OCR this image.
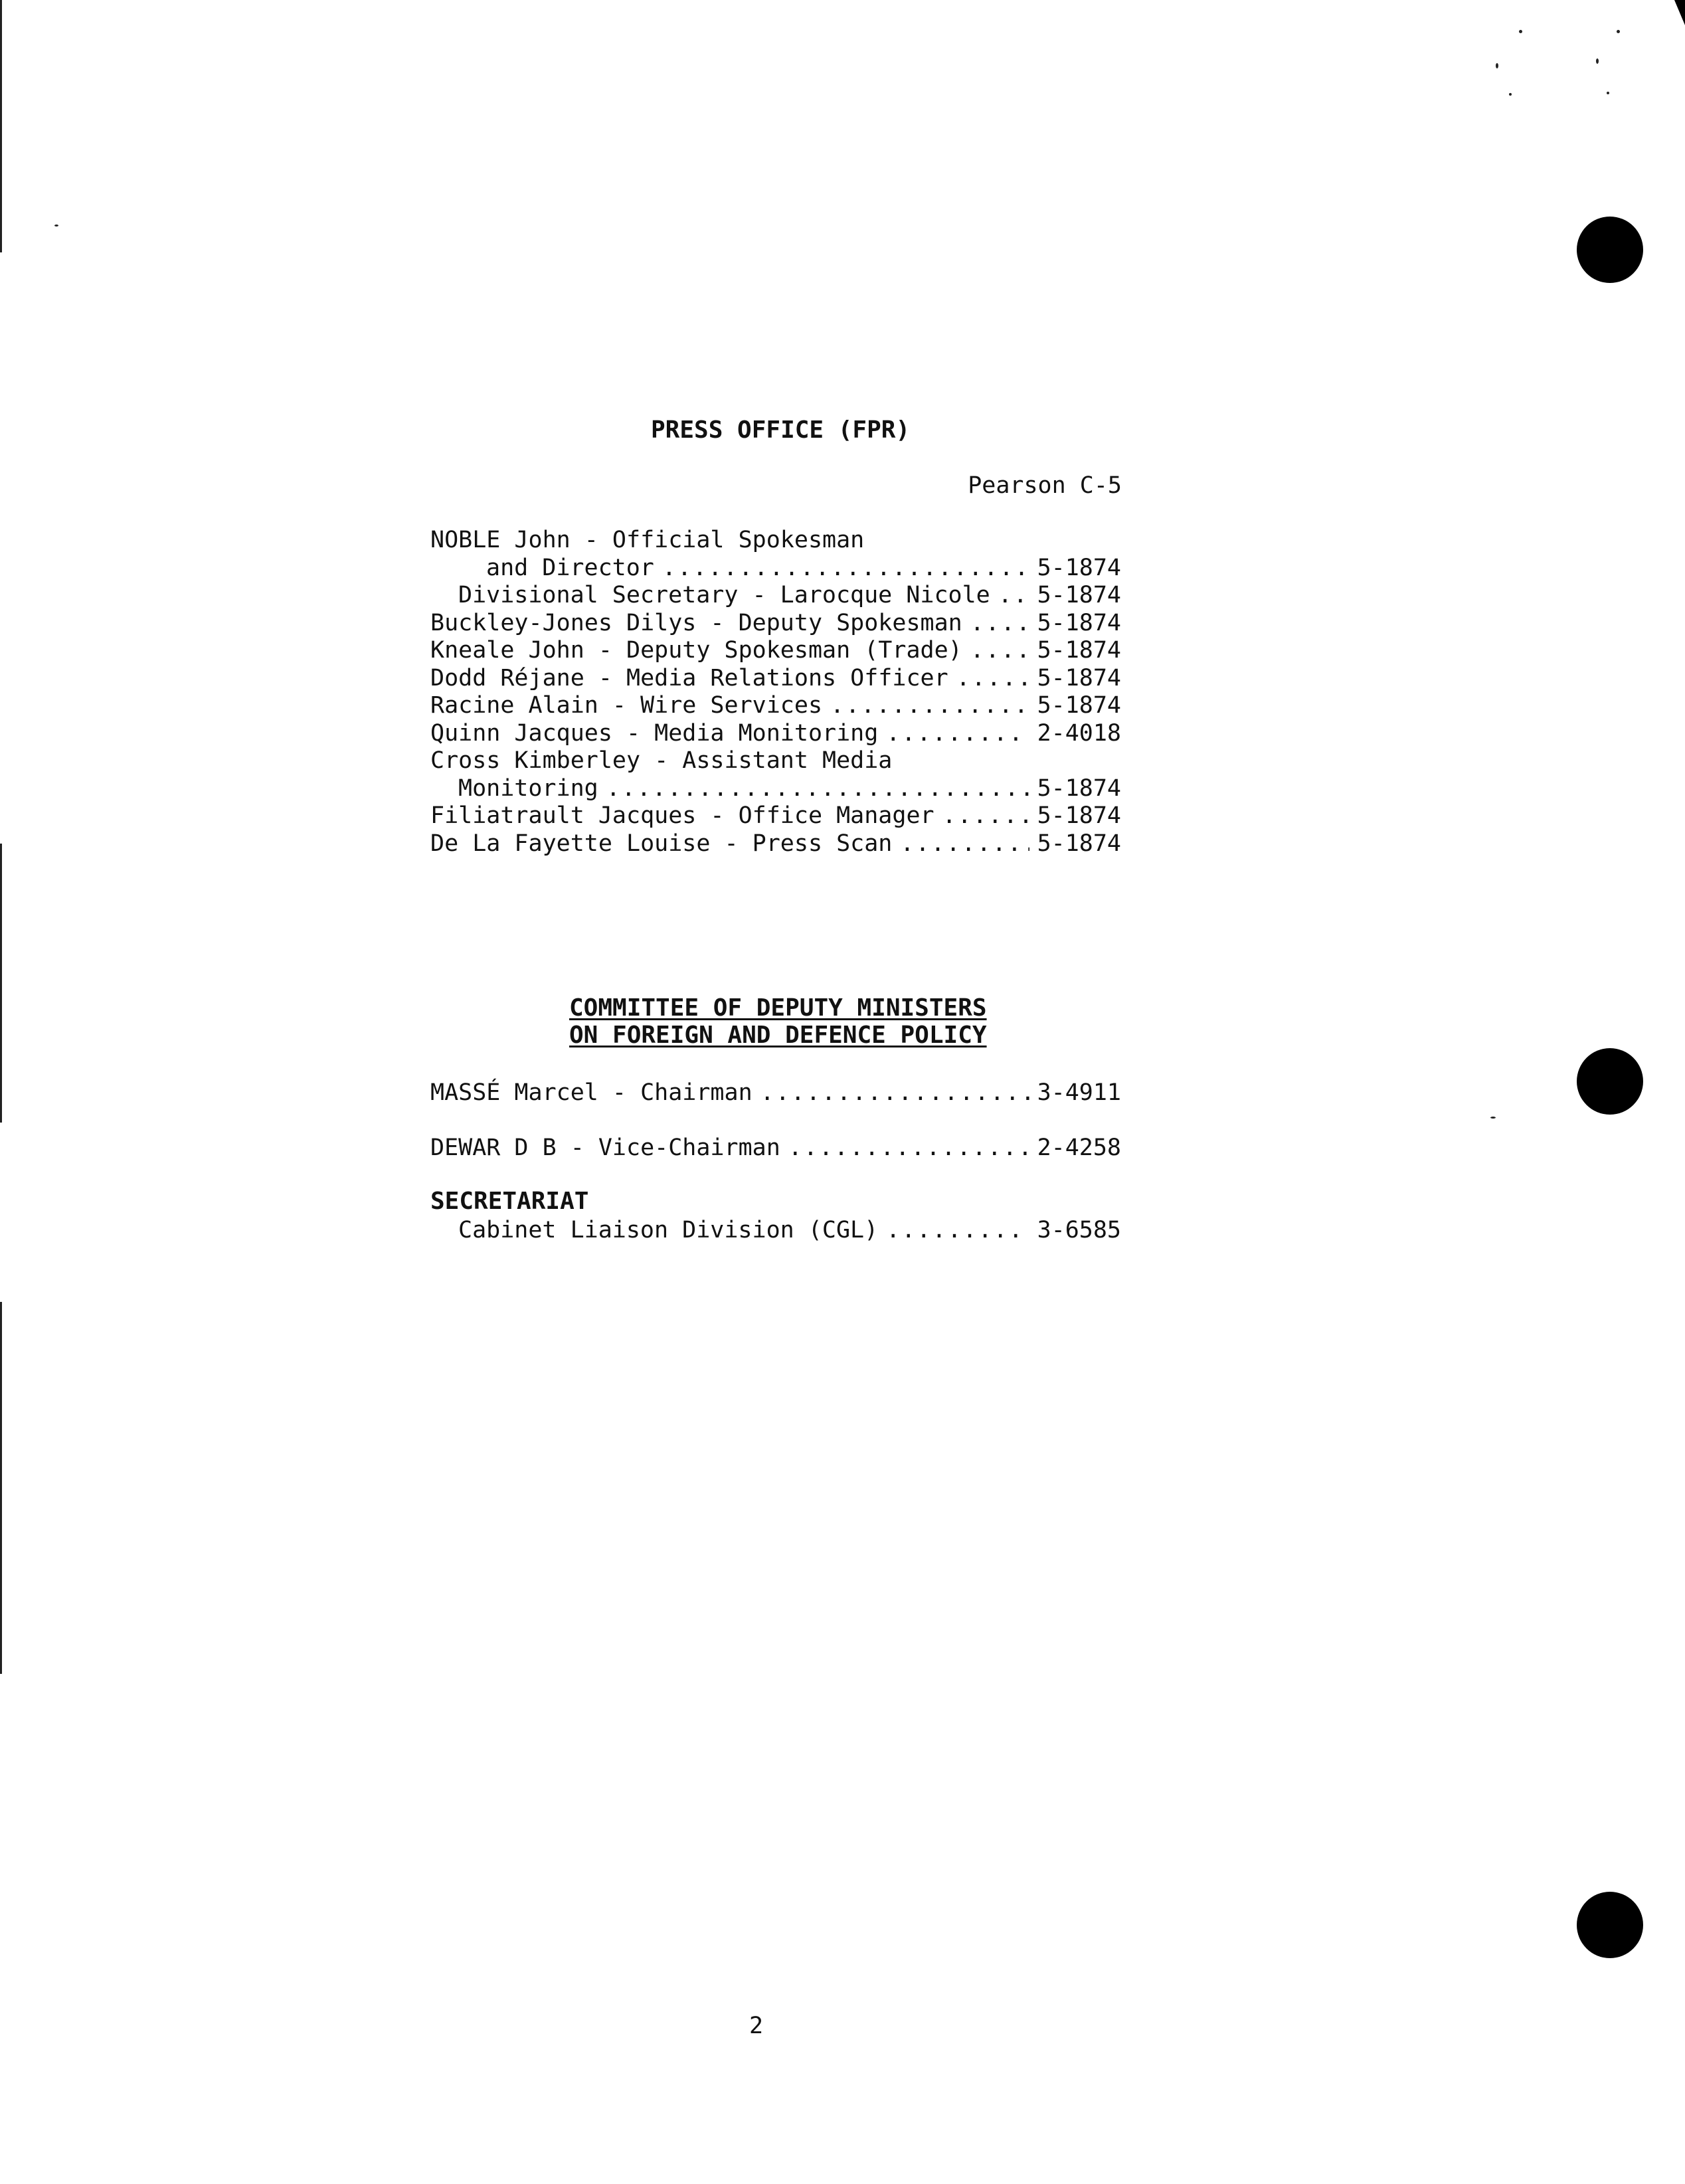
PRESS OFFICE (FPR)
Pearson C-5
NOBLE John - Official Spokesman
and Director .....	5-1874
Divisional Secretary - Larocque Nicole ..... 5-1874
Buckley-Jones Dilys - Deputy Spokesman .....	5-1874
Kneale John - Deputy Spokesman (Trade) .....	5-1874
Dodd Réjane - Media Relations Officer .....	5-1874
Racine Alain - Wire Services .....	5-1874
Quinn Jacques - Media Monitoring .....	2-4018
Cross Kimberley - Assistant Media
Monitoring .....	5-1874
Filiatrault Jacques - Office Manager .....	5-1874
De La Fayette Louise - Press Scan .....	5-1874
COMMITTEE OF DEPUTY MINISTERS
ON FOREIGN AND DEFENCE POLICY
MASSÉ Marcel - Chairman .....	3-4911
DEWAR D B - Vice-Chairman .....	2-4258
SECRETARIAT
Cabinet Liaison Division (CGL) .....	3-6585
2
